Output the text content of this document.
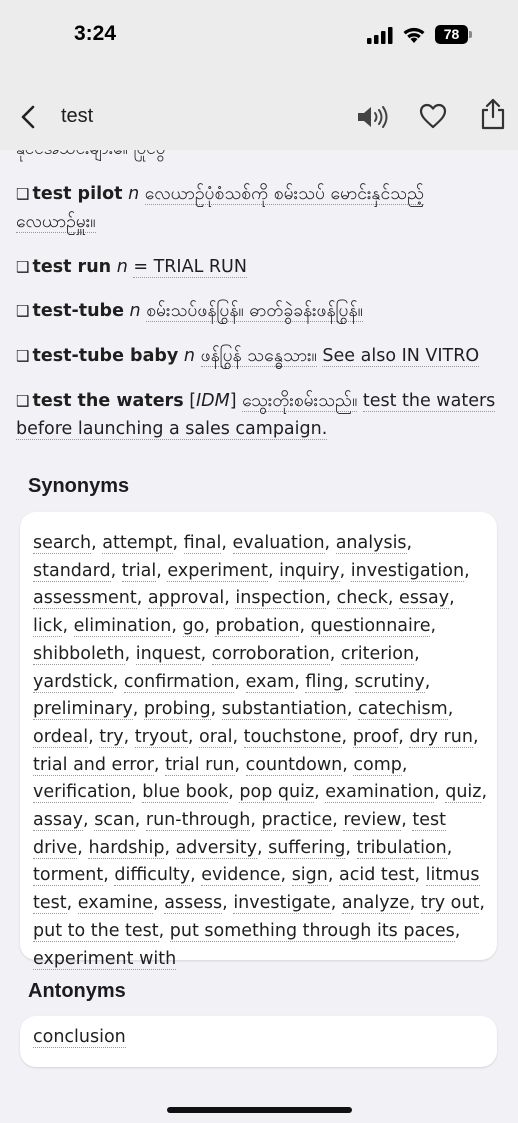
3:24	78
test
❑ test pilot n လေယာဉ်ပုံစံသစ်ကို စမ်းသပ် မောင်းနှင်သည့်
လေယာဉ်မှူး။
❑ test run n = TRIAL RUN
❑ test-tube n စမ်းသပ်ဖန်ပြွန်။ ဓာတ်ခွဲခန်းဖန်ပြွန်။
❑ test-tube baby n ဖန်ပြွန် သန္ဓေသား။ See also IN VITRO
❑ test the waters [IDM] သွေးတိုးစမ်းသည်။ test the waters
before launching a sales campaign.
Synonyms
search, attempt, final, evaluation, analysis, standard, trial, experiment, inquiry, investigation, assessment, approval, inspection, check, essay, lick, elimination, go, probation, questionnaire, shibboleth, inquest, corroboration, criterion, yardstick, confirmation, exam, fling, scrutiny, preliminary, probing, substantiation, catechism, ordeal, try, tryout, oral, touchstone, proof, dry run, trial and error, trial run, countdown, comp, verification, blue book, pop quiz, examination, quiz, assay, scan, run-through, practice, review, test drive, hardship, adversity, suffering, tribulation, torment, difficulty, evidence, sign, acid test, litmus test, examine, assess, investigate, analyze, try out, put to the test, put something through its paces, experiment with
Antonyms
conclusion
